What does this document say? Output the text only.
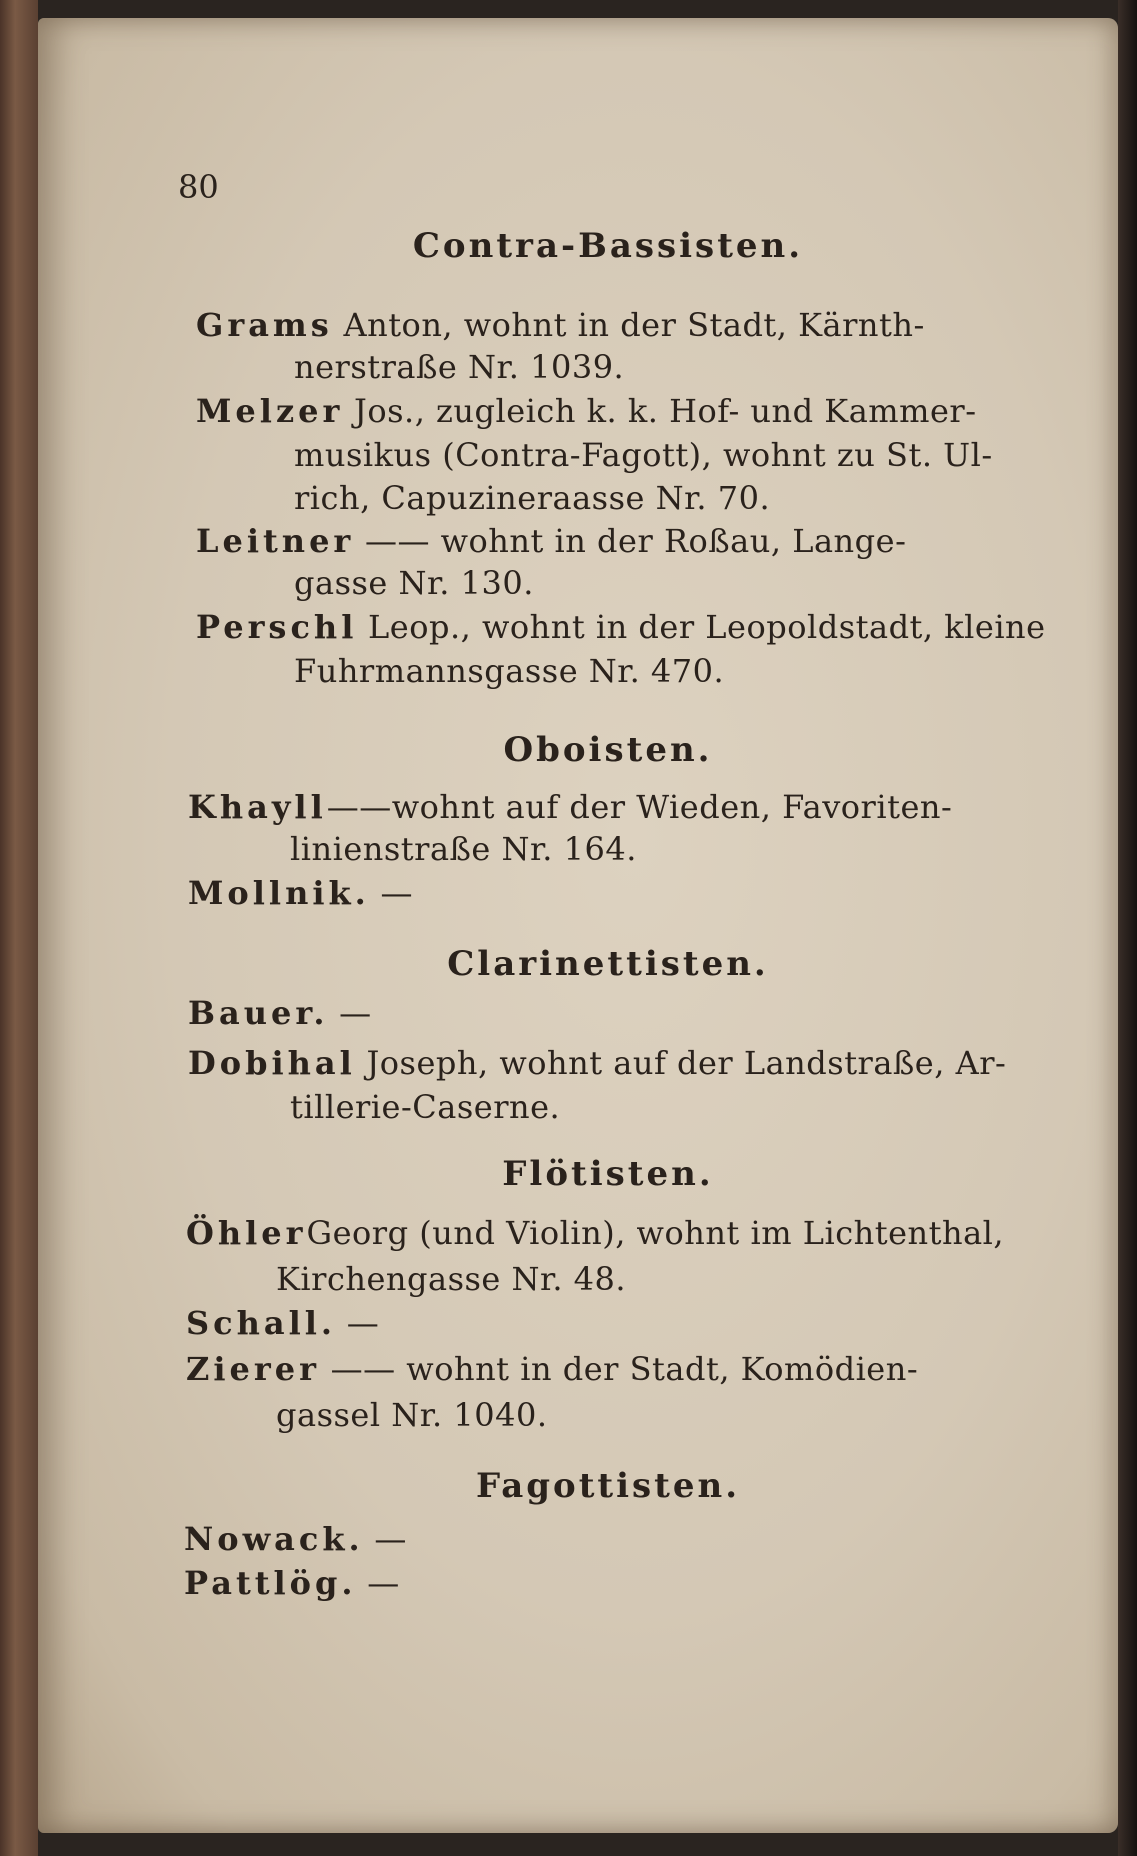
80
Contra-Bassisten.
Grams Anton, wohnt in der Stadt, Kärnth-
nerstraße Nr. 1039.
Melzer Jos., zugleich k. k. Hof- und Kammer-
musikus (Contra-Fagott), wohnt zu St. Ul-
rich, Capuzineraasse Nr. 70.
Leitner —— wohnt in der Roßau, Lange-
gasse Nr. 130.
Perschl Leop., wohnt in der Leopoldstadt, kleine
Fuhrmannsgasse Nr. 470.
Oboisten.
Khayll——wohnt auf der Wieden, Favoriten-
linienstraße Nr. 164.
Mollnik. —
Clarinettisten.
Bauer. —
Dobihal Joseph, wohnt auf der Landstraße, Ar-
tillerie-Caserne.
Flötisten.
ÖhlerGeorg (und Violin), wohnt im Lichtenthal,
Kirchengasse Nr. 48.
Schall. —
Zierer —— wohnt in der Stadt, Komödien-
gassel Nr. 1040.
Fagottisten.
Nowack. —
Pattlög. —
